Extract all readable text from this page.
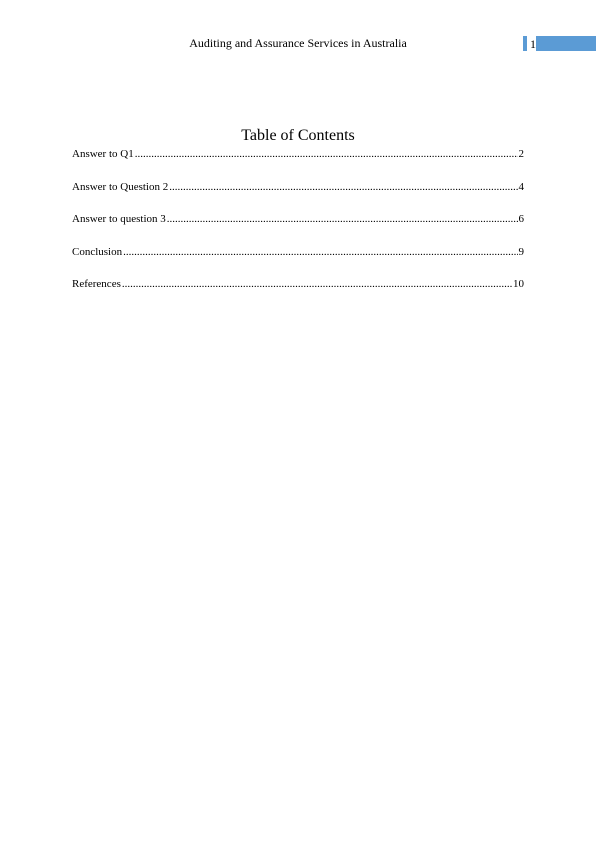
Auditing and Assurance Services in Australia	1
Table of Contents
Answer to Q1 .....	2
Answer to Question 2 .....	4
Answer to question 3 .....	6
Conclusion .....	9
References .....	10
